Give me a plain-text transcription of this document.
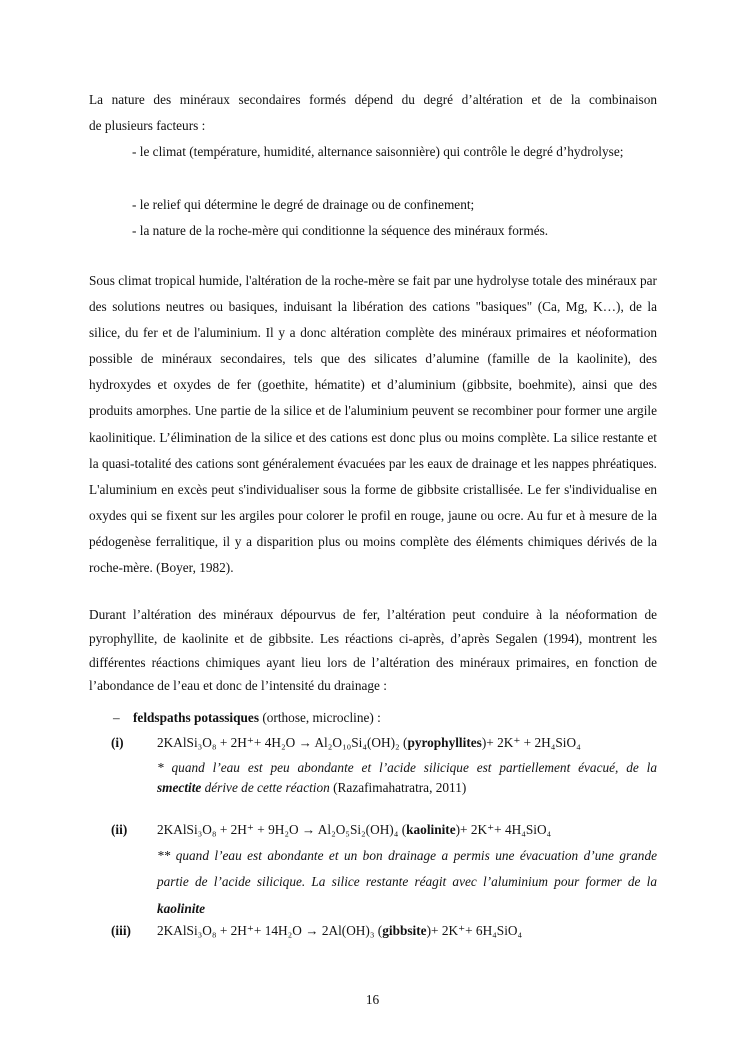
La nature des minéraux secondaires formés dépend du degré d’altération et de la combinaison
de plusieurs facteurs :
- le climat (température, humidité, alternance saisonnière) qui contrôle le degré d’hydrolyse;
- le relief qui détermine le degré de drainage ou de confinement;
- la nature de la roche-mère qui conditionne la séquence des minéraux formés.
Sous climat tropical humide, l'altération de la roche-mère se fait par une hydrolyse totale des minéraux par des solutions neutres ou basiques, induisant la libération des cations "basiques" (Ca, Mg, K…), de la silice, du fer et de l'aluminium. Il y a donc altération complète des minéraux primaires et néoformation possible de minéraux secondaires, tels que des silicates d’alumine (famille de la kaolinite), des hydroxydes et oxydes de fer (goethite, hématite) et d’aluminium (gibbsite, boehmite), ainsi que des produits amorphes. Une partie de la silice et de l'aluminium peuvent se recombiner pour former une argile kaolinitique. L’élimination de la silice et des cations est donc plus ou moins complète. La silice restante et la quasi-totalité des cations sont généralement évacuées par les eaux de drainage et les nappes phréatiques. L'aluminium en excès peut s'individualiser sous la forme de gibbsite cristallisée. Le fer s'individualise en oxydes qui se fixent sur les argiles pour colorer le profil en rouge, jaune ou ocre. Au fur et à mesure de la pédogenèse ferralitique, il y a disparition plus ou moins complète des éléments chimiques dérivés de la roche-mère. (Boyer, 1982).
Durant l’altération des minéraux dépourvus de fer, l’altération peut conduire à la néoformation de pyrophyllite, de kaolinite et de gibbsite. Les réactions ci-après, d’après Segalen (1994), montrent les différentes réactions chimiques ayant lieu lors de l’altération des minéraux primaires, en fonction de l’abondance de l’eau et donc de l’intensité du drainage :
– feldspaths potassiques (orthose, microcline) :
(i)	2KAlSi₃O₈ + 2H⁺+ 4H₂O → Al₂O₁₀Si₄(OH)₂ (pyrophyllites)+ 2K⁺ + 2H₄SiO₄
* quand l’eau est peu abondante et l’acide silicique est partiellement évacué, de la
smectite dérive de cette réaction (Razafimahatratra, 2011)
(ii) 2KAlSi₃O₈ + 2H⁺ + 9H₂O → Al₂O₅Si₂(OH)₄ (kaolinite)+ 2K⁺+ 4H₄SiO₄
** quand l’eau est abondante et un bon drainage a permis une évacuation d’une grande partie de l’acide silicique. La silice restante réagit avec l’aluminium pour former de la kaolinite
(iii) 2KAlSi₃O₈ + 2H⁺+ 14H₂O → 2Al(OH)₃ (gibbsite)+ 2K⁺+ 6H₄SiO₄
16
